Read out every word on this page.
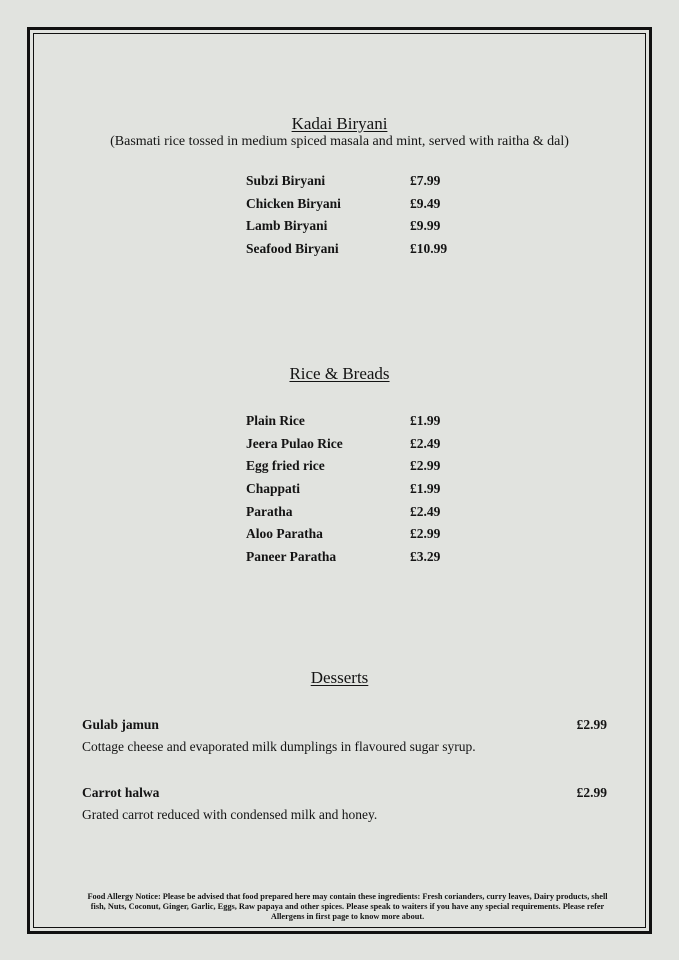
Kadai Biryani

(Basmati rice tossed in medium spiced masala and mint, served with raitha & dal)

Subzi Biryani	£7.99
Chicken Biryani	£9.49
Lamb Biryani	£9.99
Seafood Biryani	£10.99
Rice & Breads
Plain Rice	£1.99
Jeera Pulao Rice	£2.49
Egg fried rice	£2.99
Chappati	£1.99
Paratha	£2.49
Aloo Paratha	£2.99
Paneer Paratha	£3.29
Desserts
Gulab jamun	£2.99
Cottage cheese and evaporated milk dumplings in flavoured sugar syrup.
Carrot halwa	£2.99
Grated carrot reduced with condensed milk and honey.
Food Allergy Notice: Please be advised that food prepared here may contain these ingredients: Fresh corianders, curry leaves, Dairy products, shell fish, Nuts, Coconut, Ginger, Garlic, Eggs, Raw papaya and other spices. Please speak to waiters if you have any special requirements. Please refer Allergens in first page to know more about.
